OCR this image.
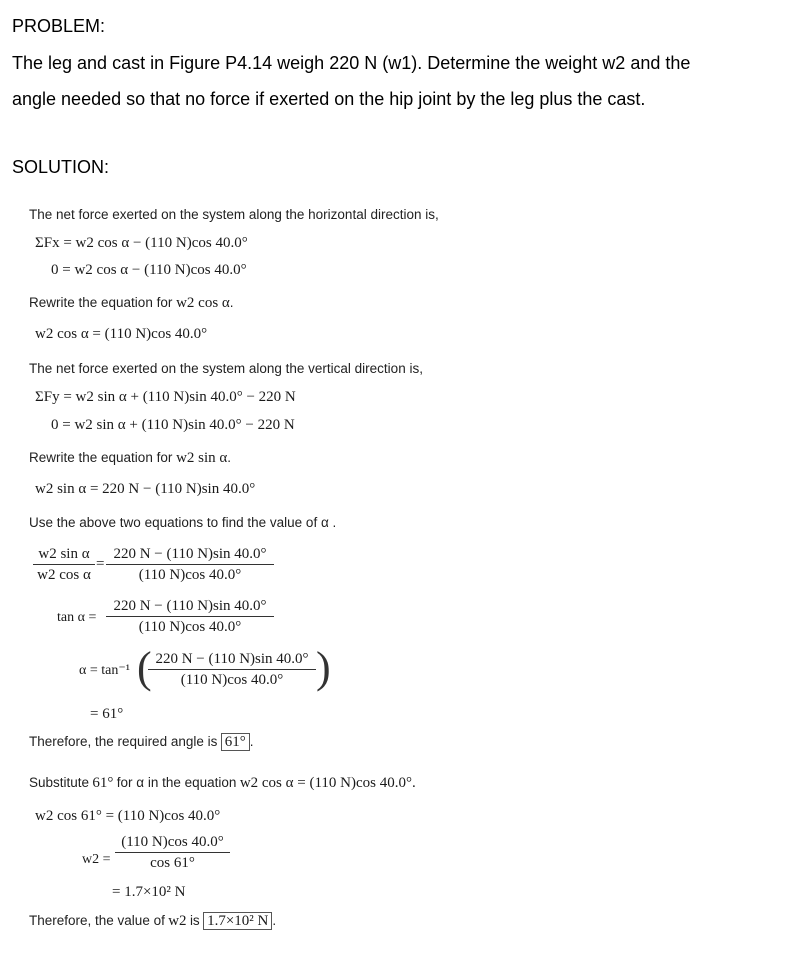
PROBLEM:
The leg and cast in Figure P4.14 weigh 220 N (w1). Determine the weight w2 and the
angle needed so that no force if exerted on the hip joint by the leg plus the cast.
SOLUTION:
The net force exerted on the system along the horizontal direction is,
ΣFx = w2 cos α − (110 N)cos 40.0°
0 = w2 cos α − (110 N)cos 40.0°
Rewrite the equation for w2 cos α.
w2 cos α = (110 N)cos 40.0°
The net force exerted on the system along the vertical direction is,
ΣFy = w2 sin α + (110 N)sin 40.0° − 220 N
0 = w2 sin α + (110 N)sin 40.0° − 220 N
Rewrite the equation for w2 sin α.
w2 sin α = 220 N − (110 N)sin 40.0°
Use the above two equations to find the value of α .
$\frac{\text{w2 sin α}}{\text{w2 cos α}} = \frac{220 N - (110 N)\sin 40.0^\circ}{(110 N)\cos 40.0^\circ}$
$\tan \alpha = \frac{220 N - (110 N)\sin 40.0^\circ}{(110 N)\cos 40.0^\circ}$
α = tan⁻¹ (
$\frac{220 N - (110 N)\sin 40.0^\circ}{(110 N)\cos 40.0^\circ}$ )
= 61°
Therefore, the required angle is 61° .
Substitute 61° for α in the equation w2 cos α = (110 N)cos 40.0°.
w2 cos 61° = (110 N)cos 40.0°
$w2 = \frac{(110 N)\cos 40.0^\circ}{\cos 61^\circ}$
= 1.7×10² N
Therefore, the value of w2 is 1.7×10² N .
